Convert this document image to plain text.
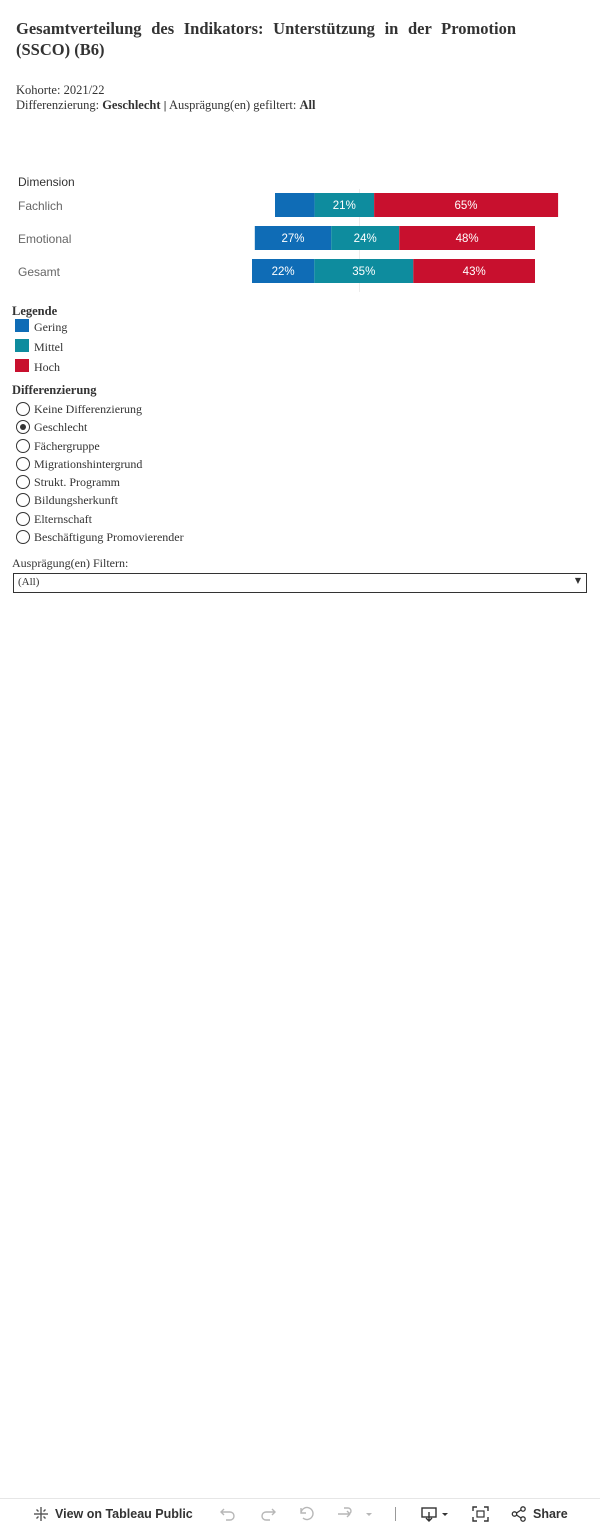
Gesamtverteilung des Indikators: Unterstützung in der Promotion (SSCO) (B6)
Kohorte: 2021/22
Differenzierung: Geschlecht | Ausprägung(en) gefiltert: All
Dimension
Fachlich
Emotional
Gesamt
21%	65%
27%	24%	48%
22%	35%	43%
Legende
Gering
Mittel
Hoch
Differenzierung
Keine Differenzierung
Geschlecht
Fächergruppe
Migrationshintergrund
Strukt. Programm
Bildungsherkunft
Elternschaft
Beschäftigung Promovierender
Ausprägung(en) Filtern:
(All)	▼
View on Tableau Public	Share
